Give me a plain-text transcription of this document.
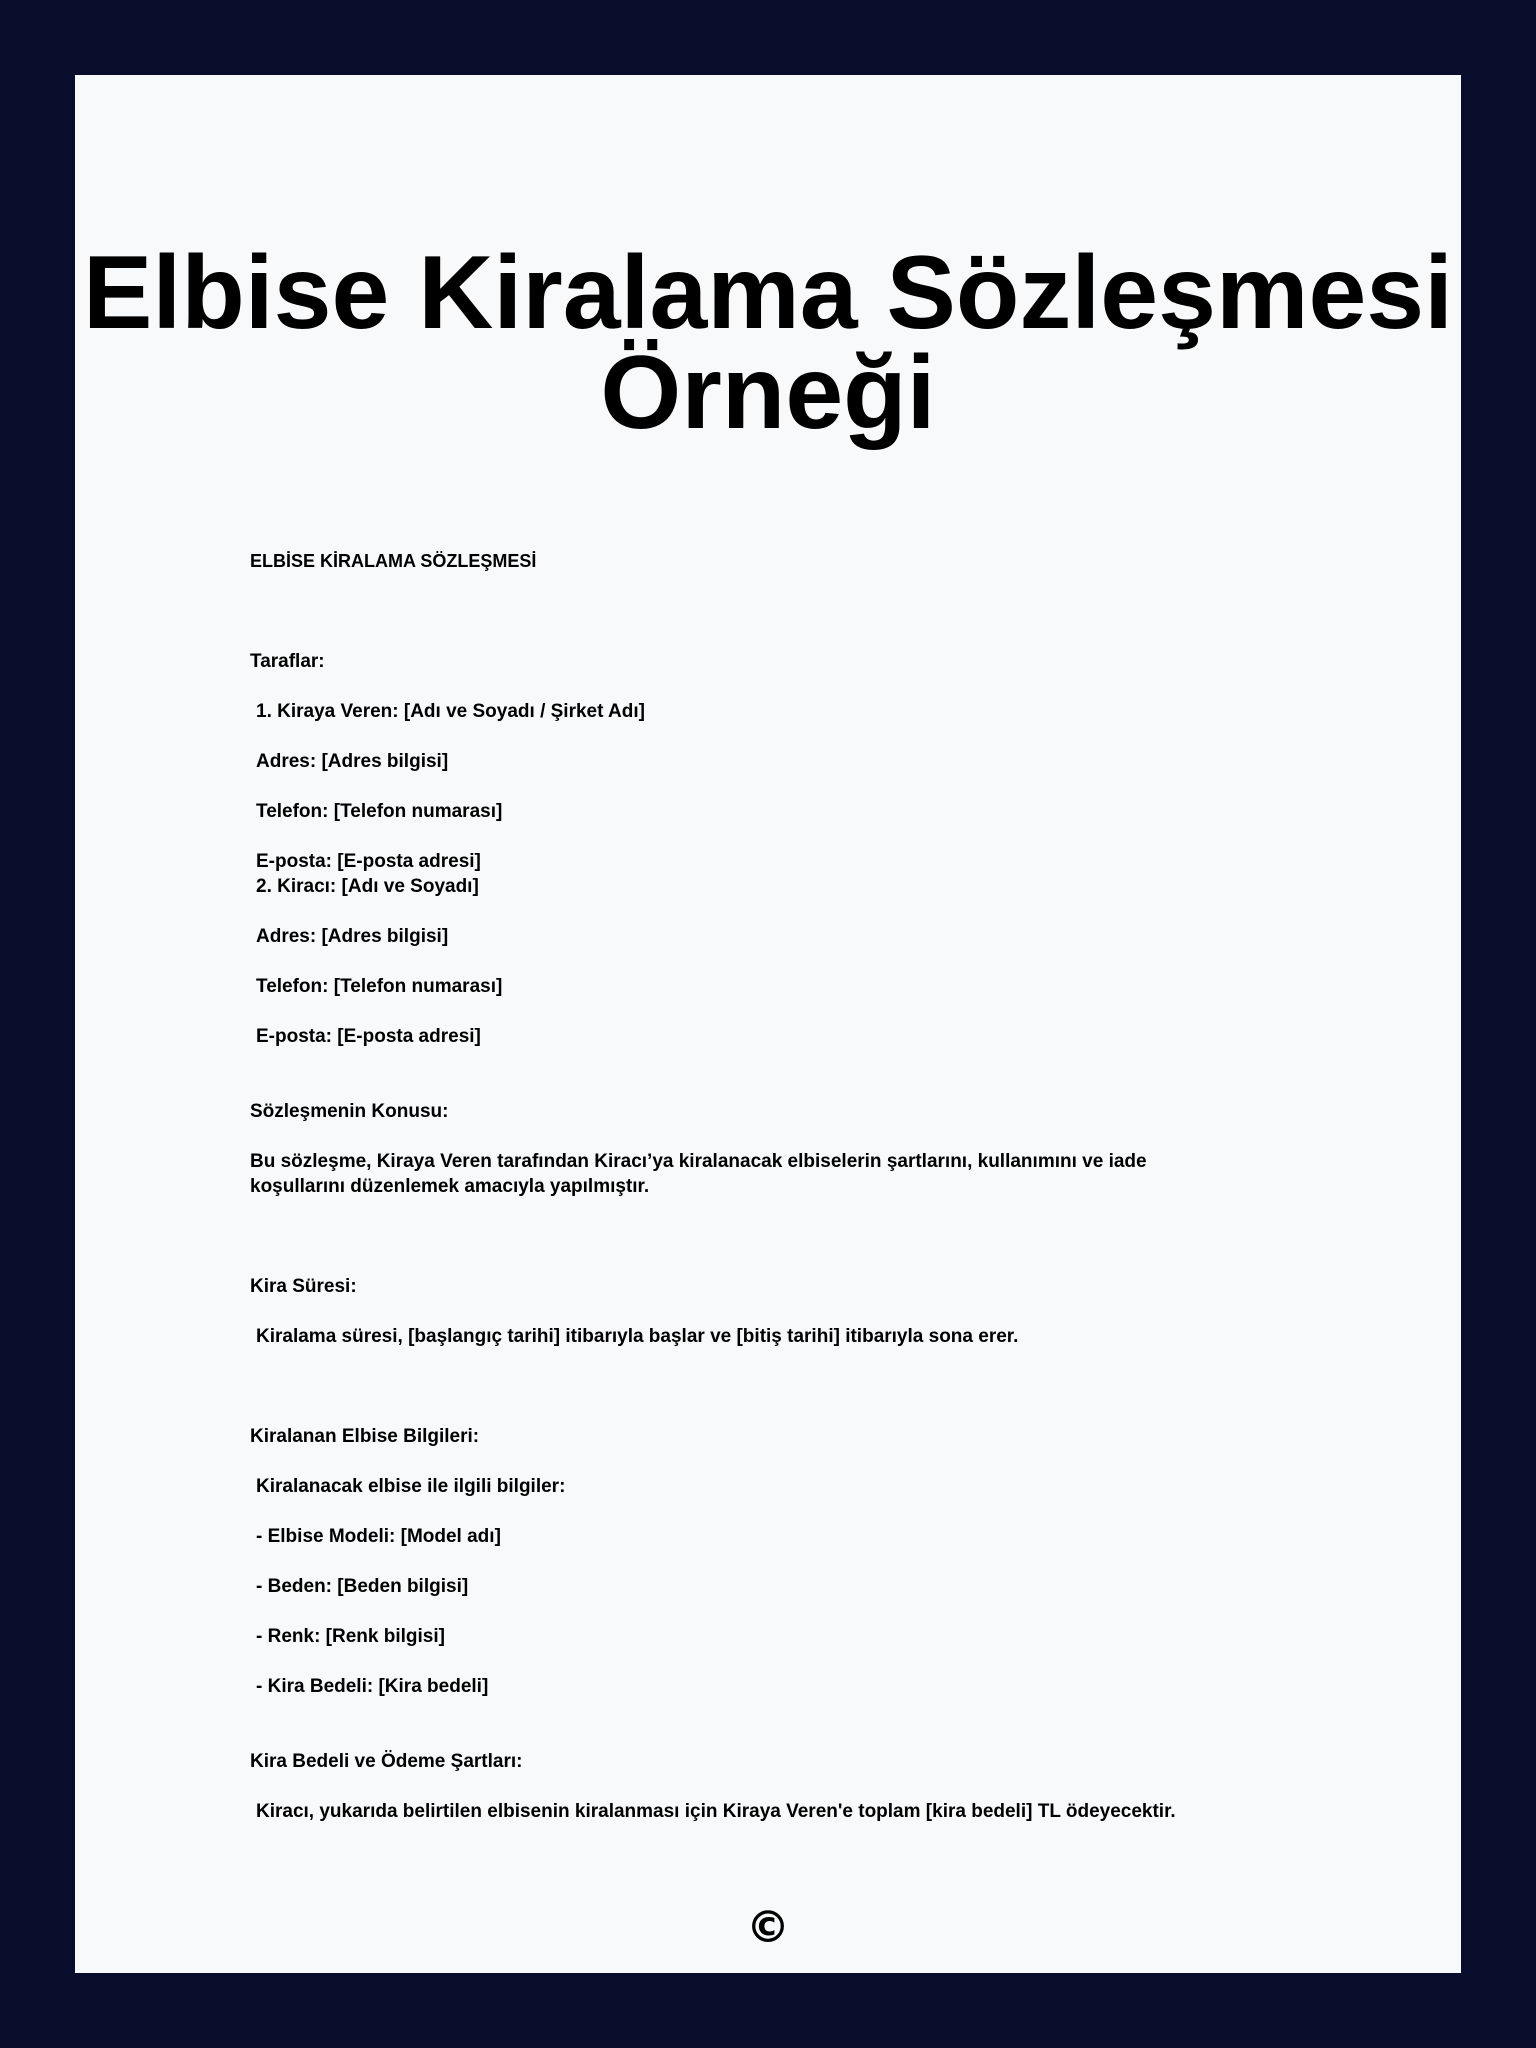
Elbise Kiralama Sözleşmesi
Örneği

ELBİSE KİRALAMA SÖZLEŞMESİ

Taraflar:

1. Kiraya Veren: [Adı ve Soyadı / Şirket Adı]

Adres: [Adres bilgisi]

Telefon: [Telefon numarası]

E-posta: [E-posta adresi]

2. Kiracı: [Adı ve Soyadı]

Adres: [Adres bilgisi]

Telefon: [Telefon numarası]

E-posta: [E-posta adresi]

Sözleşmenin Konusu:

Bu sözleşme, Kiraya Veren tarafından Kiracı’ya kiralanacak elbiselerin şartlarını, kullanımını ve iade

koşullarını düzenlemek amacıyla yapılmıştır.

Kira Süresi:

Kiralama süresi, [başlangıç tarihi] itibarıyla başlar ve [bitiş tarihi] itibarıyla sona erer.

Kiralanan Elbise Bilgileri:

Kiralanacak elbise ile ilgili bilgiler:

- Elbise Modeli: [Model adı]

- Beden: [Beden bilgisi]

- Renk: [Renk bilgisi]

- Kira Bedeli: [Kira bedeli]

Kira Bedeli ve Ödeme Şartları:

Kiracı, yukarıda belirtilen elbisenin kiralanması için Kiraya Veren'e toplam [kira bedeli] TL ödeyecektir.

©
